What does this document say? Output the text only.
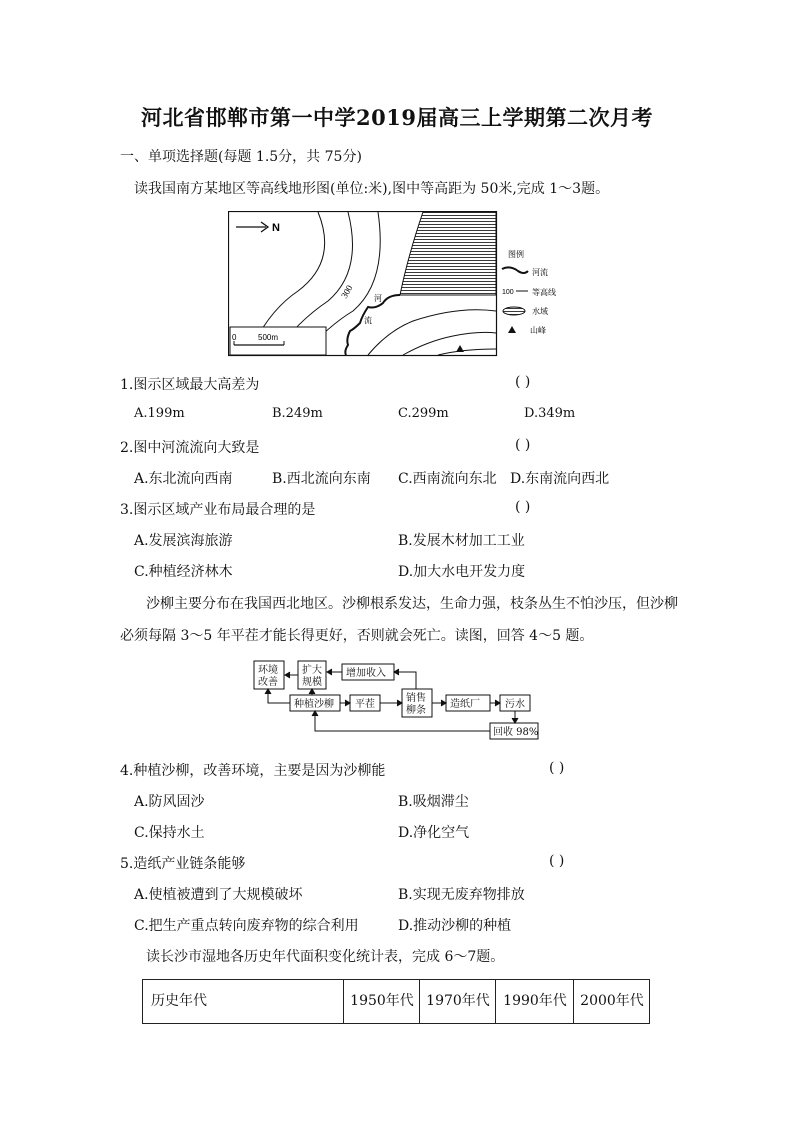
河北省邯郸市第一中学2019届高三上学期第二次月考
一、单项选择题(每题 1.5分，共 75分)
读我国南方某地区等高线地形图(单位:米),图中等高距为 50米,完成 1～3题。
N
300 河
流
0	500m
图例
河流
100 等高线
水域
山峰
1.图示区域最大高差为	( )
A.199m	B.249m	C.299m	D.349m
2.图中河流流向大致是	( )
A.东北流向西南	B.西北流向东南 C.西南流向东北 D.东南流向西北
3.图示区域产业布局最合理的是	( )
A.发展滨海旅游	B.发展木材加工工业
C.种植经济林木	D.加大水电开发力度
沙柳主要分布在我国西北地区。沙柳根系发达，生命力强，枝条丛生不怕沙压，但沙柳
必须每隔 3～5 年平茬才能长得更好，否则就会死亡。读图，回答 4～5 题。
环境
改善
扩大
规模
增加收入
种植沙柳 平茬
销售
柳条
造纸厂	污水
回收 98%
4.种植沙柳，改善环境，主要是因为沙柳能	( )
A.防风固沙	B.吸烟滞尘
C.保持水土	D.净化空气
5.造纸产业链条能够	( )
A.使植被遭到了大规模破坏	B.实现无废弃物排放
C.把生产重点转向废弃物的综合利用	D.推动沙柳的种植
读长沙市湿地各历史年代面积变化统计表，完成 6～7题。
历史年代	1950年代 1970年代 1990年代 2000年代
